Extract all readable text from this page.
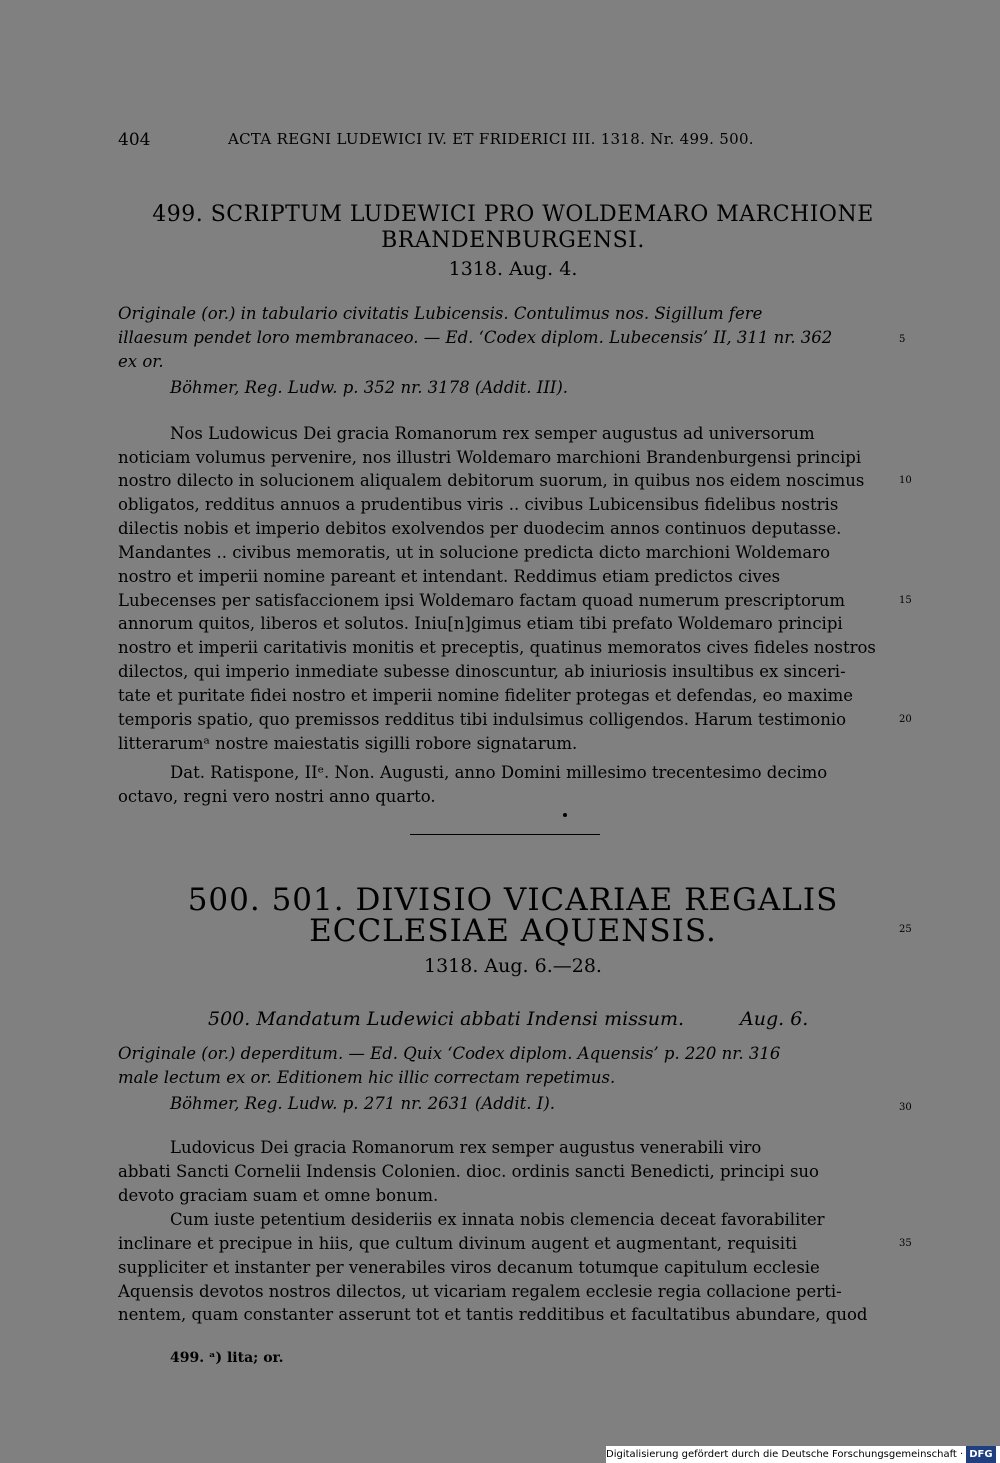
404	ACTA REGNI LUDEWICI IV. ET FRIDERICI III. 1318. Nr. 499. 500.
499. SCRIPTUM LUDEWICI PRO WOLDEMARO MARCHIONE
BRANDENBURGENSI.
1318. Aug. 4.
Originale (or.) in tabulario civitatis Lubicensis. Contulimus nos. Sigillum fere
illaesum pendet loro membranaceo. — Ed. ‘Codex diplom. Lubecensis’ II, 311 nr. 362
ex or.
Böhmer, Reg. Ludw. p. 352 nr. 3178 (Addit. III).
Nos Ludowicus Dei gracia Romanorum rex semper augustus ad universorum
noticiam volumus pervenire, nos illustri Woldemaro marchioni Brandenburgensi principi
nostro dilecto in solucionem aliqualem debitorum suorum, in quibus nos eidem noscimus
obligatos, redditus annuos a prudentibus viris .. civibus Lubicensibus fidelibus nostris
dilectis nobis et imperio debitos exolvendos per duodecim annos continuos deputasse.
Mandantes .. civibus memoratis, ut in solucione predicta dicto marchioni Woldemaro
nostro et imperii nomine pareant et intendant. Reddimus etiam predictos cives
Lubecenses per satisfaccionem ipsi Woldemaro factam quoad numerum prescriptorum
annorum quitos, liberos et solutos. Iniu[n]gimus etiam tibi prefato Woldemaro principi
nostro et imperii caritativis monitis et preceptis, quatinus memoratos cives fideles nostros
dilectos, qui imperio inmediate subesse dinoscuntur, ab iniuriosis insultibus ex sinceri-
tate et puritate fidei nostro et imperii nomine fideliter protegas et defendas, eo maxime
temporis spatio, quo premissos redditus tibi indulsimus colligendos. Harum testimonio
litterarumᵃ nostre maiestatis sigilli robore signatarum.
Dat. Ratispone, IIᵉ. Non. Augusti, anno Domini millesimo trecentesimo decimo
octavo, regni vero nostri anno quarto.
500. 501. DIVISIO VICARIAE REGALIS
ECCLESIAE AQUENSIS.
1318. Aug. 6.—28.
500. Mandatum Ludewici abbati Indensi missum.	Aug. 6.
Originale (or.) deperditum. — Ed. Quix ‘Codex diplom. Aquensis’ p. 220 nr. 316
male lectum ex or. Editionem hic illic correctam repetimus.
Böhmer, Reg. Ludw. p. 271 nr. 2631 (Addit. I).
Ludovicus Dei gracia Romanorum rex semper augustus venerabili viro
abbati Sancti Cornelii Indensis Colonien. dioc. ordinis sancti Benedicti, principi suo
devoto graciam suam et omne bonum.
Cum iuste petentium desideriis ex innata nobis clemencia deceat favorabiliter
inclinare et precipue in hiis, que cultum divinum augent et augmentant, requisiti
suppliciter et instanter per venerabiles viros decanum totumque capitulum ecclesie
Aquensis devotos nostros dilectos, ut vicariam regalem ecclesie regia collacione perti-
nentem, quam constanter asserunt tot et tantis redditibus et facultatibus abundare, quod
499. ᵃ) lita; or.
5
10
15
20
25
30
35
Digitalisierung gefördert durch die Deutsche Forschungsgemeinschaft · DFG
